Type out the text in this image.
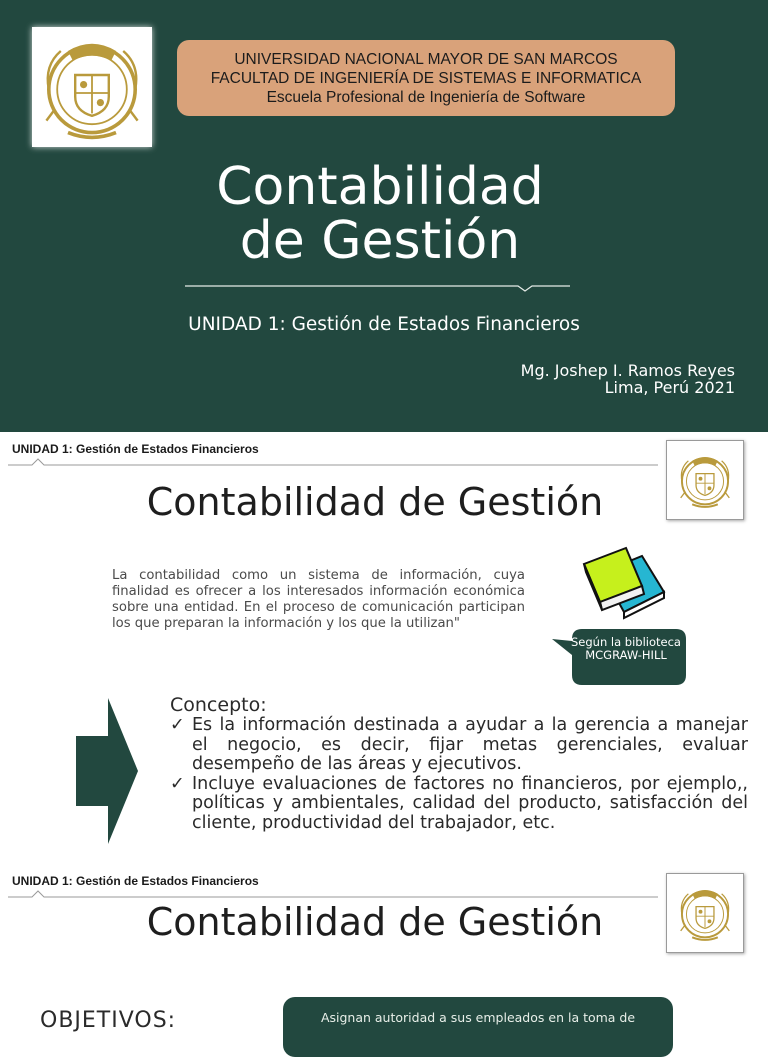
UNIVERSIDAD NACIONAL MAYOR DE SAN MARCOS
FACULTAD DE INGENIERÍA DE SISTEMAS E INFORMATICA
Escuela Profesional de Ingeniería de Software
Contabilidad
de Gestión
UNIDAD 1: Gestión de Estados Financieros
Mg. Joshep I. Ramos Reyes
Lima, Perú 2021
UNIDAD 1: Gestión de Estados Financieros
Contabilidad de Gestión
La contabilidad como un sistema de información, cuya finalidad es ofrecer a los interesados información económica sobre una entidad. En el proceso de comunicación participan los que preparan la información y los que la utilizan"
Según la biblioteca MCGRAW-HILL
Concepto:
✓ Es la información destinada a ayudar a la gerencia a manejar el negocio, es decir, fijar metas gerenciales, evaluar desempeño de las áreas y ejecutivos.
✓ Incluye evaluaciones de factores no financieros, por ejemplo,, políticas y ambientales, calidad del producto, satisfacción del cliente, productividad del trabajador, etc.
UNIDAD 1: Gestión de Estados Financieros
Contabilidad de Gestión
OBJETIVOS:	Asignan autoridad a sus empleados en la toma de
